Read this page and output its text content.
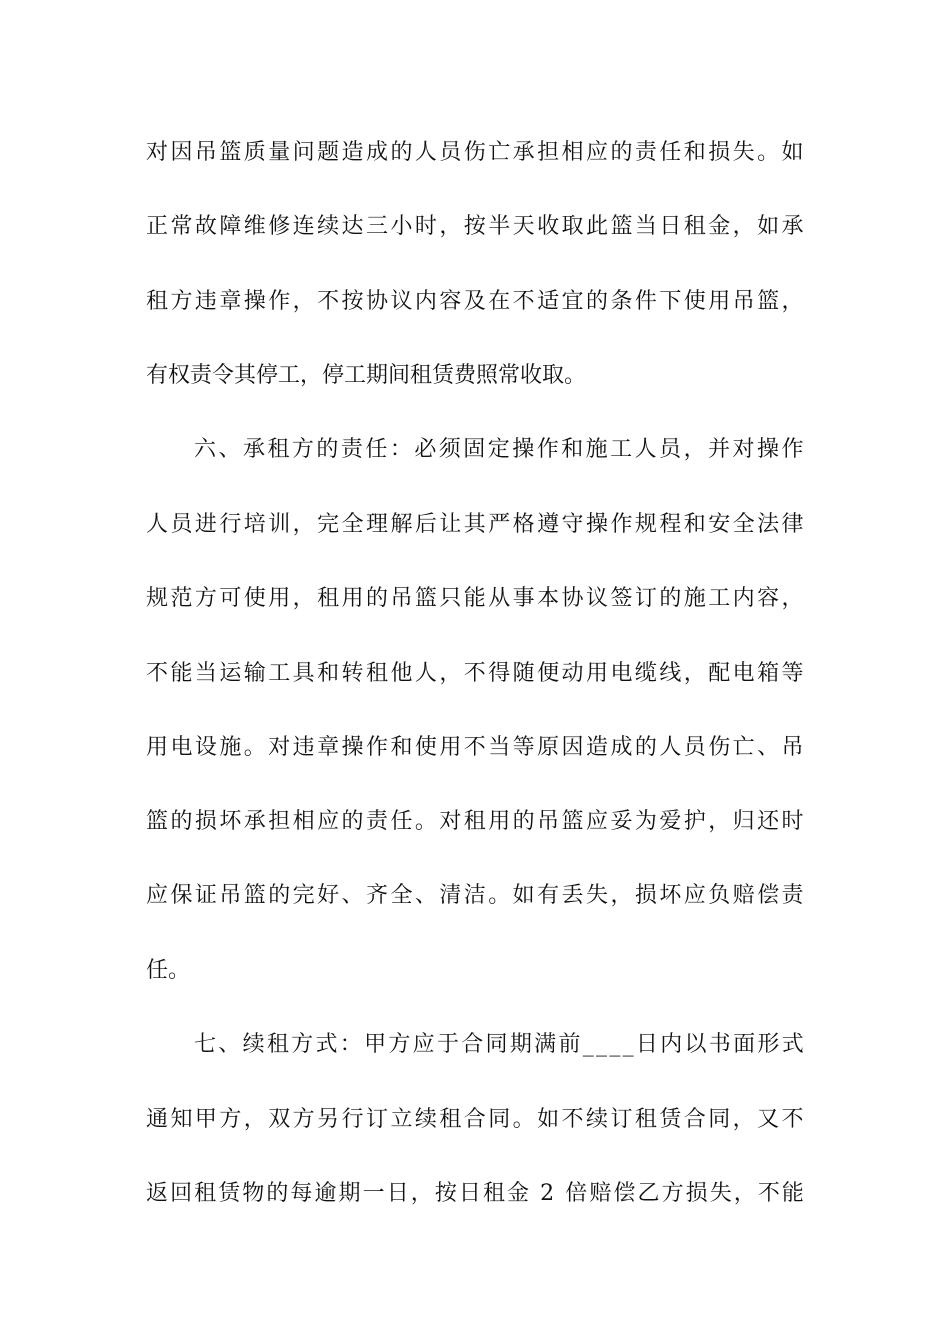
对因吊篮质量问题造成的人员伤亡承担相应的责任和损失。如
正常故障维修连续达三小时，按半天收取此篮当日租金，如承
租方违章操作，不按协议内容及在不适宜的条件下使用吊篮，
有权责令其停工，停工期间租赁费照常收取。
六、承租方的责任：必须固定操作和施工人员，并对操作
人员进行培训，完全理解后让其严格遵守操作规程和安全法律
规范方可使用，租用的吊篮只能从事本协议签订的施工内容，
不能当运输工具和转租他人，不得随便动用电缆线，配电箱等
用电设施。对违章操作和使用不当等原因造成的人员伤亡、吊
篮的损坏承担相应的责任。对租用的吊篮应妥为爱护，归还时
应保证吊篮的完好、齐全、清洁。如有丢失，损坏应负赔偿责
任。
七、续租方式：甲方应于合同期满前____日内以书面形式
通知甲方，双方另行订立续租合同。如不续订租赁合同，又不
返回租赁物的每逾期一日，按日租金 2 倍赔偿乙方损失，不能
